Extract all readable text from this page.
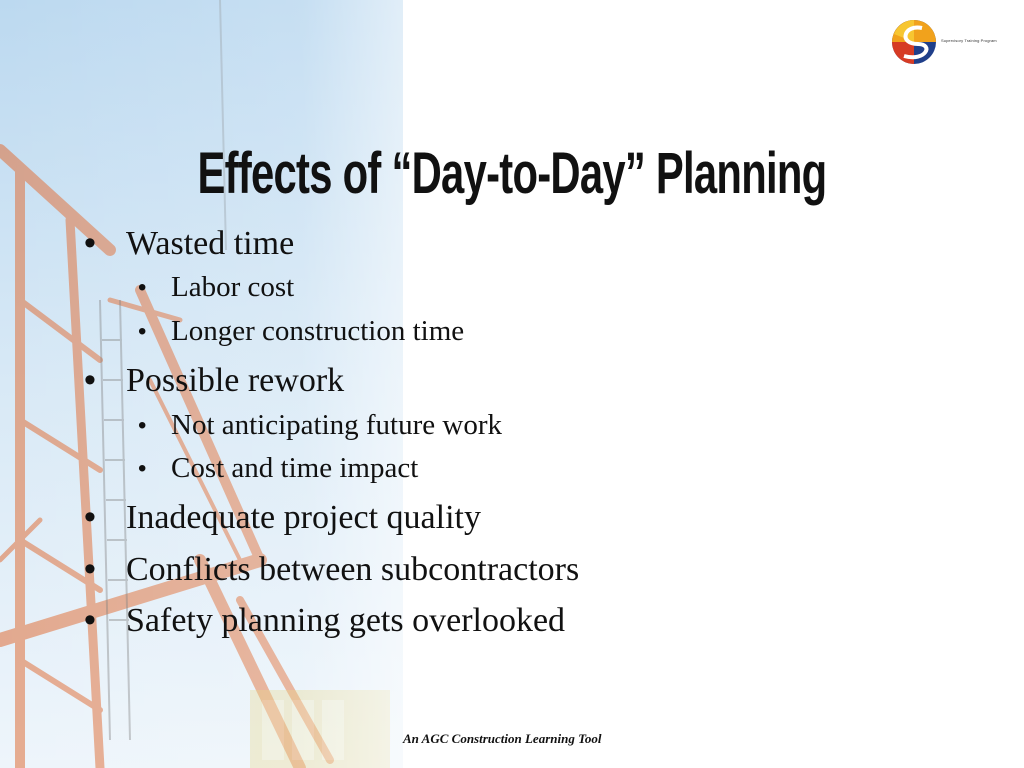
Supervisory Training Program
Effects of “Day-to-Day” Planning
• Wasted time
• Labor cost
• Longer construction time
• Possible rework
• Not anticipating future work
• Cost and time impact
• Inadequate project quality
• Conflicts between subcontractors
• Safety planning gets overlooked
An AGC Construction Learning Tool
